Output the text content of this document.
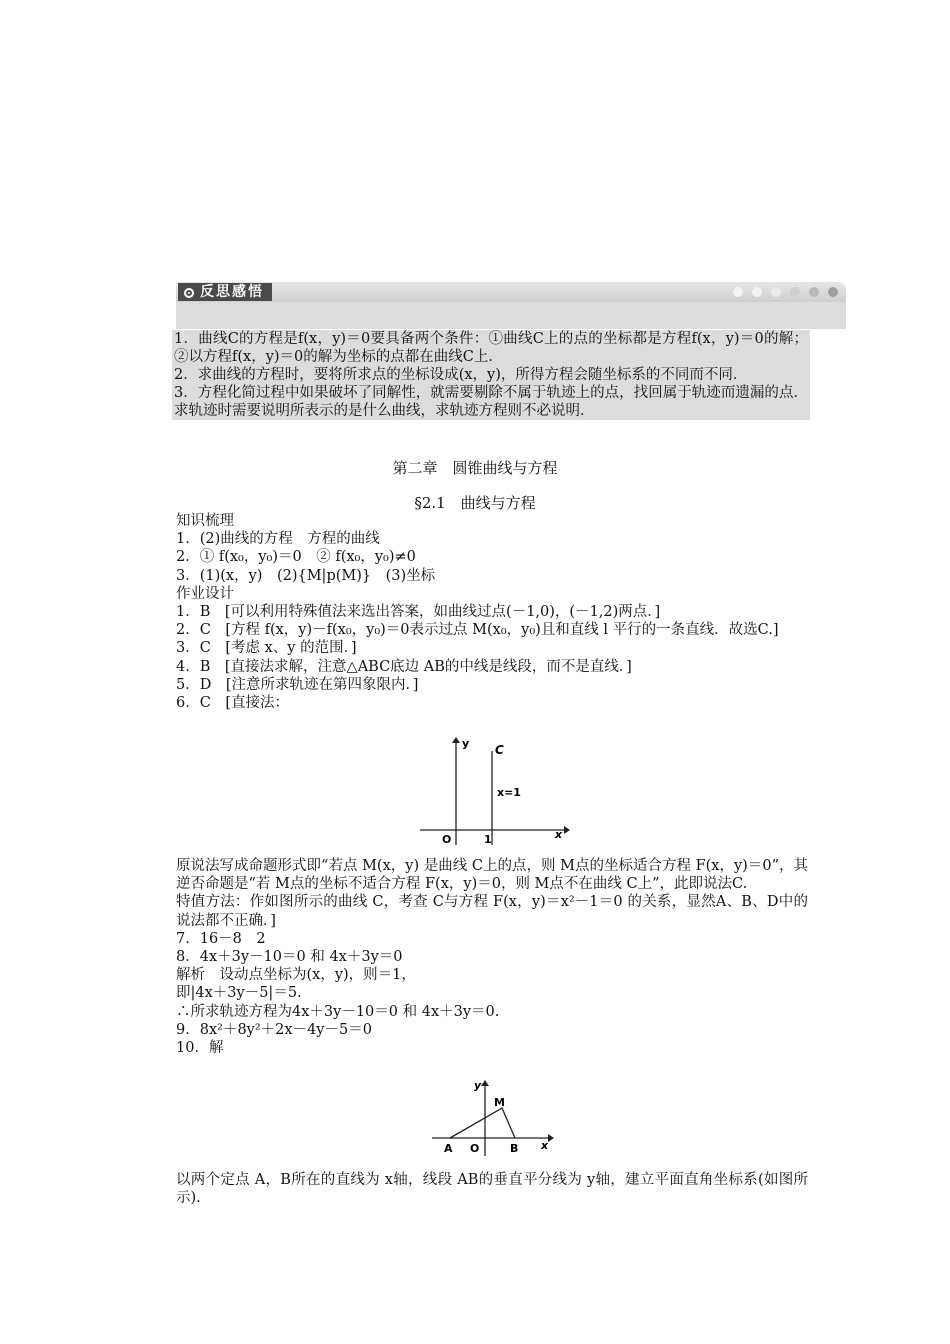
反思感悟

1．曲线C的方程是f(x，y)＝0要具备两个条件：①曲线C上的点的坐标都是方程f(x，y)＝0的解；②以方程f(x，y)＝0的解为坐标的点都在曲线C上．

2．求曲线的方程时，要将所求点的坐标设成(x，y)，所得方程会随坐标系的不同而不同．

3．方程化简过程中如果破坏了同解性，就需要剔除不属于轨迹上的点，找回属于轨迹而遗漏的点．求轨迹时需要说明所表示的是什么曲线，求轨迹方程则不必说明．

第二章　圆锥曲线与方程
§2.1　曲线与方程

知识梳理

1．(2)曲线的方程　方程的曲线

2．① f(x₀，y₀)＝0　② f(x₀，y₀)≠0

3．(1)(x，y)　(2){M|p(M)}　(3)坐标

作业设计

1．B　[可以利用特殊值法来选出答案，如曲线过点(－1,0)，(－1,2)两点．]

2．C　[方程 f(x，y)－f(x₀，y₀)＝0表示过点 M(x₀，y₀)且和直线 l 平行的一条直线．故选C.]

3．C　[考虑 x、y 的范围．]

4．B　[直接法求解，注意△ABC底边 AB的中线是线段，而不是直线．]

5．D　[注意所求轨迹在第四象限内．]

6．C　[直接法：

y C
x=1
O	1	x

原说法写成命题形式即“若点 M(x，y) 是曲线 C上的点，则 M点的坐标适合方程 F(x，y)＝0”，其逆否命题是“若 M点的坐标不适合方程 F(x，y)＝0，则 M点不在曲线 C上”，此即说法C.

特值方法：作如图所示的曲线 C，考查 C与方程 F(x，y)＝x²－1＝0 的关系，显然A、B、D中的说法都不正确．]

7．16－8　2

8．4x＋3y－10＝0 和 4x＋3y＝0

解析　设动点坐标为(x，y)，则＝1，

即|4x＋3y－5|＝5.

∴所求轨迹方程为4x＋3y－10＝0 和 4x＋3y＝0.

9．8x²＋8y²＋2x－4y－5＝0

10．解

y
M
A O	B x

以两个定点 A，B所在的直线为 x轴，线段 AB的垂直平分线为 y轴，建立平面直角坐标系(如图所示).
